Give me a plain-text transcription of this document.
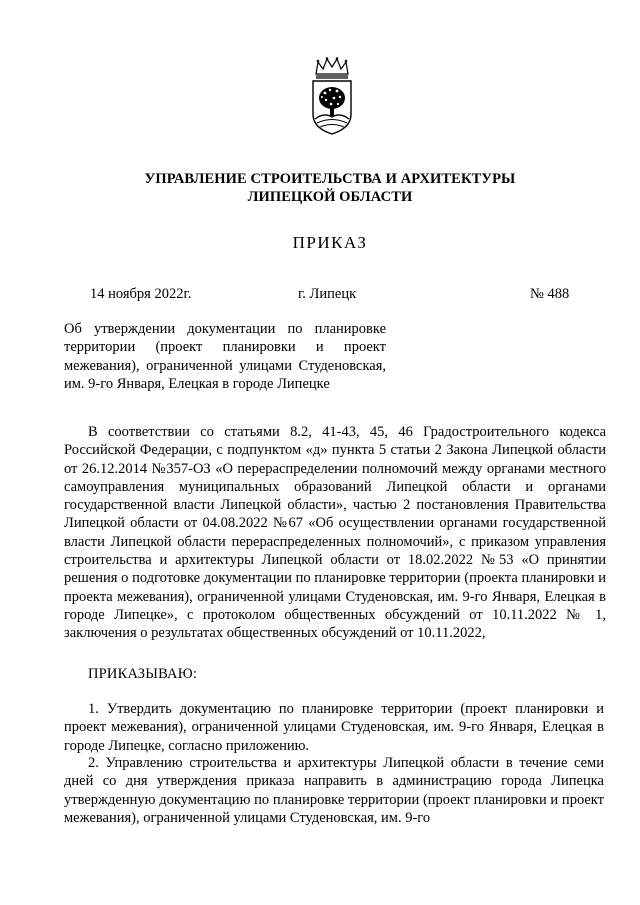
УПРАВЛЕНИЕ СТРОИТЕЛЬСТВА И АРХИТЕКТУРЫ
ЛИПЕЦКОЙ ОБЛАСТИ
ПРИКАЗ
14 ноября 2022г.	г. Липецк	№ 488
Об утверждении документации по планировке территории (проект планировки и проект межевания), ограниченной улицами Студеновская, им. 9-го Января, Елецкая в городе Липецке
В соответствии со статьями 8.2, 41-43, 45, 46 Градостроительного кодекса Российской Федерации, с подпунктом «д» пункта 5 статьи 2 Закона Липецкой области от 26.12.2014 №357-ОЗ «О перераспределении полномочий между органами местного самоуправления муниципальных образований Липецкой области и органами государственной власти Липецкой области», частью 2 постановления Правительства Липецкой области от 04.08.2022 №67 «Об осуществлении органами государственной власти Липецкой области перераспределенных полномочий», с приказом управления строительства и архитектуры Липецкой области от 18.02.2022 №53 «О принятии решения о подготовке документации по планировке территории (проекта планировки и проекта межевания), ограниченной улицами Студеновская, им. 9-го Января, Елецкая в городе Липецке», с протоколом общественных обсуждений от 10.11.2022 № 1, заключения о результатах общественных обсуждений от 10.11.2022,
ПРИКАЗЫВАЮ:
1. Утвердить документацию по планировке территории (проект планировки и проект межевания), ограниченной улицами Студеновская, им. 9-го Января, Елецкая в городе Липецке, согласно приложению.
2. Управлению строительства и архитектуры Липецкой области в течение семи дней со дня утверждения приказа направить в администрацию города Липецка утвержденную документацию по планировке территории (проект планировки и проект межевания), ограниченной улицами Студеновская, им. 9-го
